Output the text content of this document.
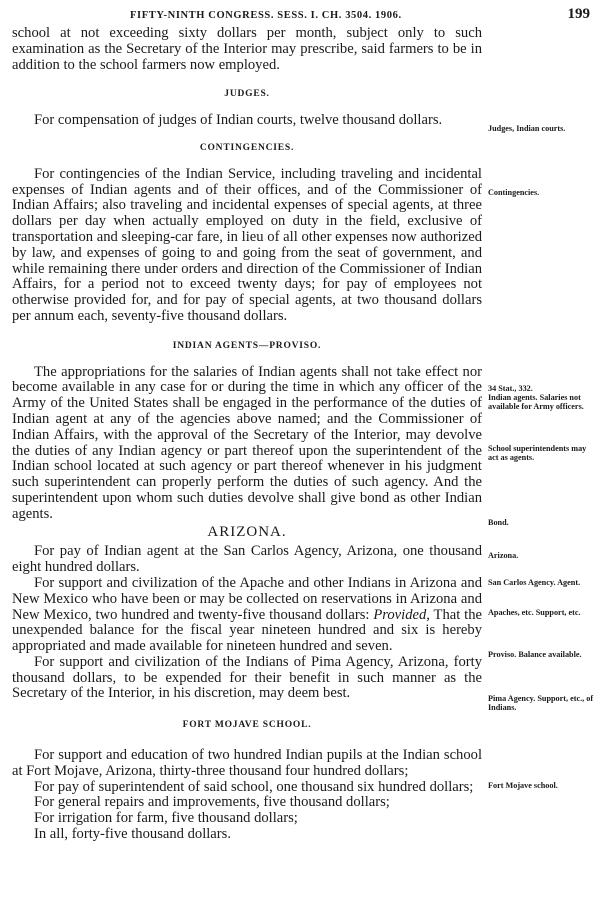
FIFTY-NINTH CONGRESS. SESS. I. CH. 3504. 1906.	199

school at not exceeding sixty dollars per month, subject only to such examination as the Secretary of the Interior may prescribe, said farmers to be in addition to the school farmers now employed.

JUDGES.

For compensation of judges of Indian courts, twelve thousand dollars.

CONTINGENCIES.

For contingencies of the Indian Service, including traveling and incidental expenses of Indian agents and of their offices, and of the Commissioner of Indian Affairs; also traveling and incidental expenses of special agents, at three dollars per day when actually employed on duty in the field, exclusive of transportation and sleeping-car fare, in lieu of all other expenses now authorized by law, and expenses of going to and going from the seat of government, and while remaining there under orders and direction of the Commissioner of Indian Affairs, for a period not to exceed twenty days; for pay of employees not otherwise provided for, and for pay of special agents, at two thousand dollars per annum each, seventy-five thousand dollars.

INDIAN AGENTS—PROVISO.

The appropriations for the salaries of Indian agents shall not take effect nor become available in any case for or during the time in which any officer of the Army of the United States shall be engaged in the performance of the duties of Indian agent at any of the agencies above named; and the Commissioner of Indian Affairs, with the approval of the Secretary of the Interior, may devolve the duties of any Indian agency or part thereof upon the superintendent of the Indian school located at such agency or part thereof whenever in his judgment such superintendent can properly perform the duties of such agency. And the superintendent upon whom such duties devolve shall give bond as other Indian agents.

ARIZONA.

For pay of Indian agent at the San Carlos Agency, Arizona, one thousand eight hundred dollars.

For support and civilization of the Apache and other Indians in Arizona and New Mexico who have been or may be collected on reservations in Arizona and New Mexico, two hundred and twenty-five thousand dollars: Provided, That the unexpended balance for the fiscal year nineteen hundred and six is hereby appropriated and made available for nineteen hundred and seven.

For support and civilization of the Indians of Pima Agency, Arizona, forty thousand dollars, to be expended for their benefit in such manner as the Secretary of the Interior, in his discretion, may deem best.

FORT MOJAVE SCHOOL.

For support and education of two hundred Indian pupils at the Indian school at Fort Mojave, Arizona, thirty-three thousand four hundred dollars;

For pay of superintendent of said school, one thousand six hundred dollars;

For general repairs and improvements, five thousand dollars;

For irrigation for farm, five thousand dollars;

In all, forty-five thousand dollars.

Judges, Indian courts.
Contingencies.
34 Stat., 332.
Indian agents. Salaries not available for Army officers.
School superintendents may act as agents.
Bond.
Arizona.
San Carlos Agency. Agent.
Apaches, etc. Support, etc.
Proviso. Balance available.
Pima Agency. Support, etc., of Indians.
Fort Mojave school.
